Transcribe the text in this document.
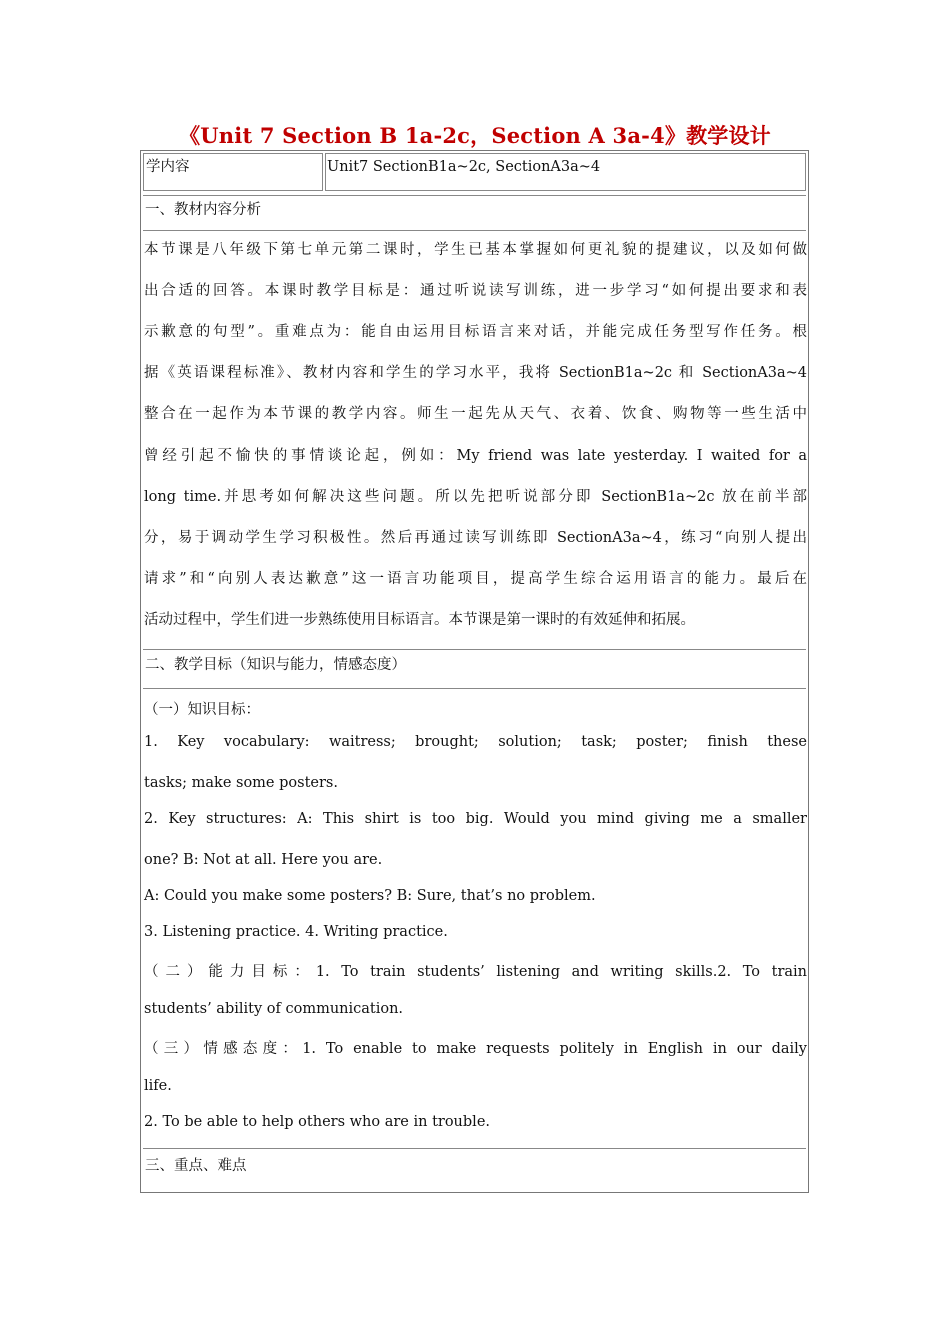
《Unit 7 Section B 1a-2c，Section A 3a-4》教学设计
学内容	Unit7 SectionB1a~2c, SectionA3a~4
一、教材内容分析
本节课是八年级下第七单元第二课时，学生已基本掌握如何更礼貌的提建议，以及如何做
出合适的回答。本课时教学目标是：通过听说读写训练，进一步学习“如何提出要求和表
示歉意的句型”。重难点为：能自由运用目标语言来对话，并能完成任务型写作任务。根
据《英语课程标准》、教材内容和学生的学习水平，我将 SectionB1a~2c 和 SectionA3a~4
整合在一起作为本节课的教学内容。师生一起先从天气、衣着、饮食、购物等一些生活中
曾经引起不愉快的事情谈论起，例如：My friend was late yesterday. I waited for a
long time.并思考如何解决这些问题。所以先把听说部分即 SectionB1a~2c 放在前半部
分，易于调动学生学习积极性。然后再通过读写训练即 SectionA3a~4，练习“向别人提出
请求”和“向别人表达歉意”这一语言功能项目，提高学生综合运用语言的能力。最后在
活动过程中，学生们进一步熟练使用目标语言。本节课是第一课时的有效延伸和拓展。
二、教学目标（知识与能力，情感态度）
（一）知识目标：
1. Key vocabulary: waitress; brought; solution; task; poster; finish these
tasks; make some posters.
2. Key structures: A: This shirt is too big. Would you mind giving me a smaller
one? B: Not at all. Here you are.
A: Could you make some posters? B: Sure, that’s no problem.
3. Listening practice. 4. Writing practice.
（二）能力目标：1. To train students’ listening and writing skills.2. To train
students’ ability of communication.
（三）情感态度：1. To enable to make requests politely in English in our daily
life.
2. To be able to help others who are in trouble.
三、重点、难点
